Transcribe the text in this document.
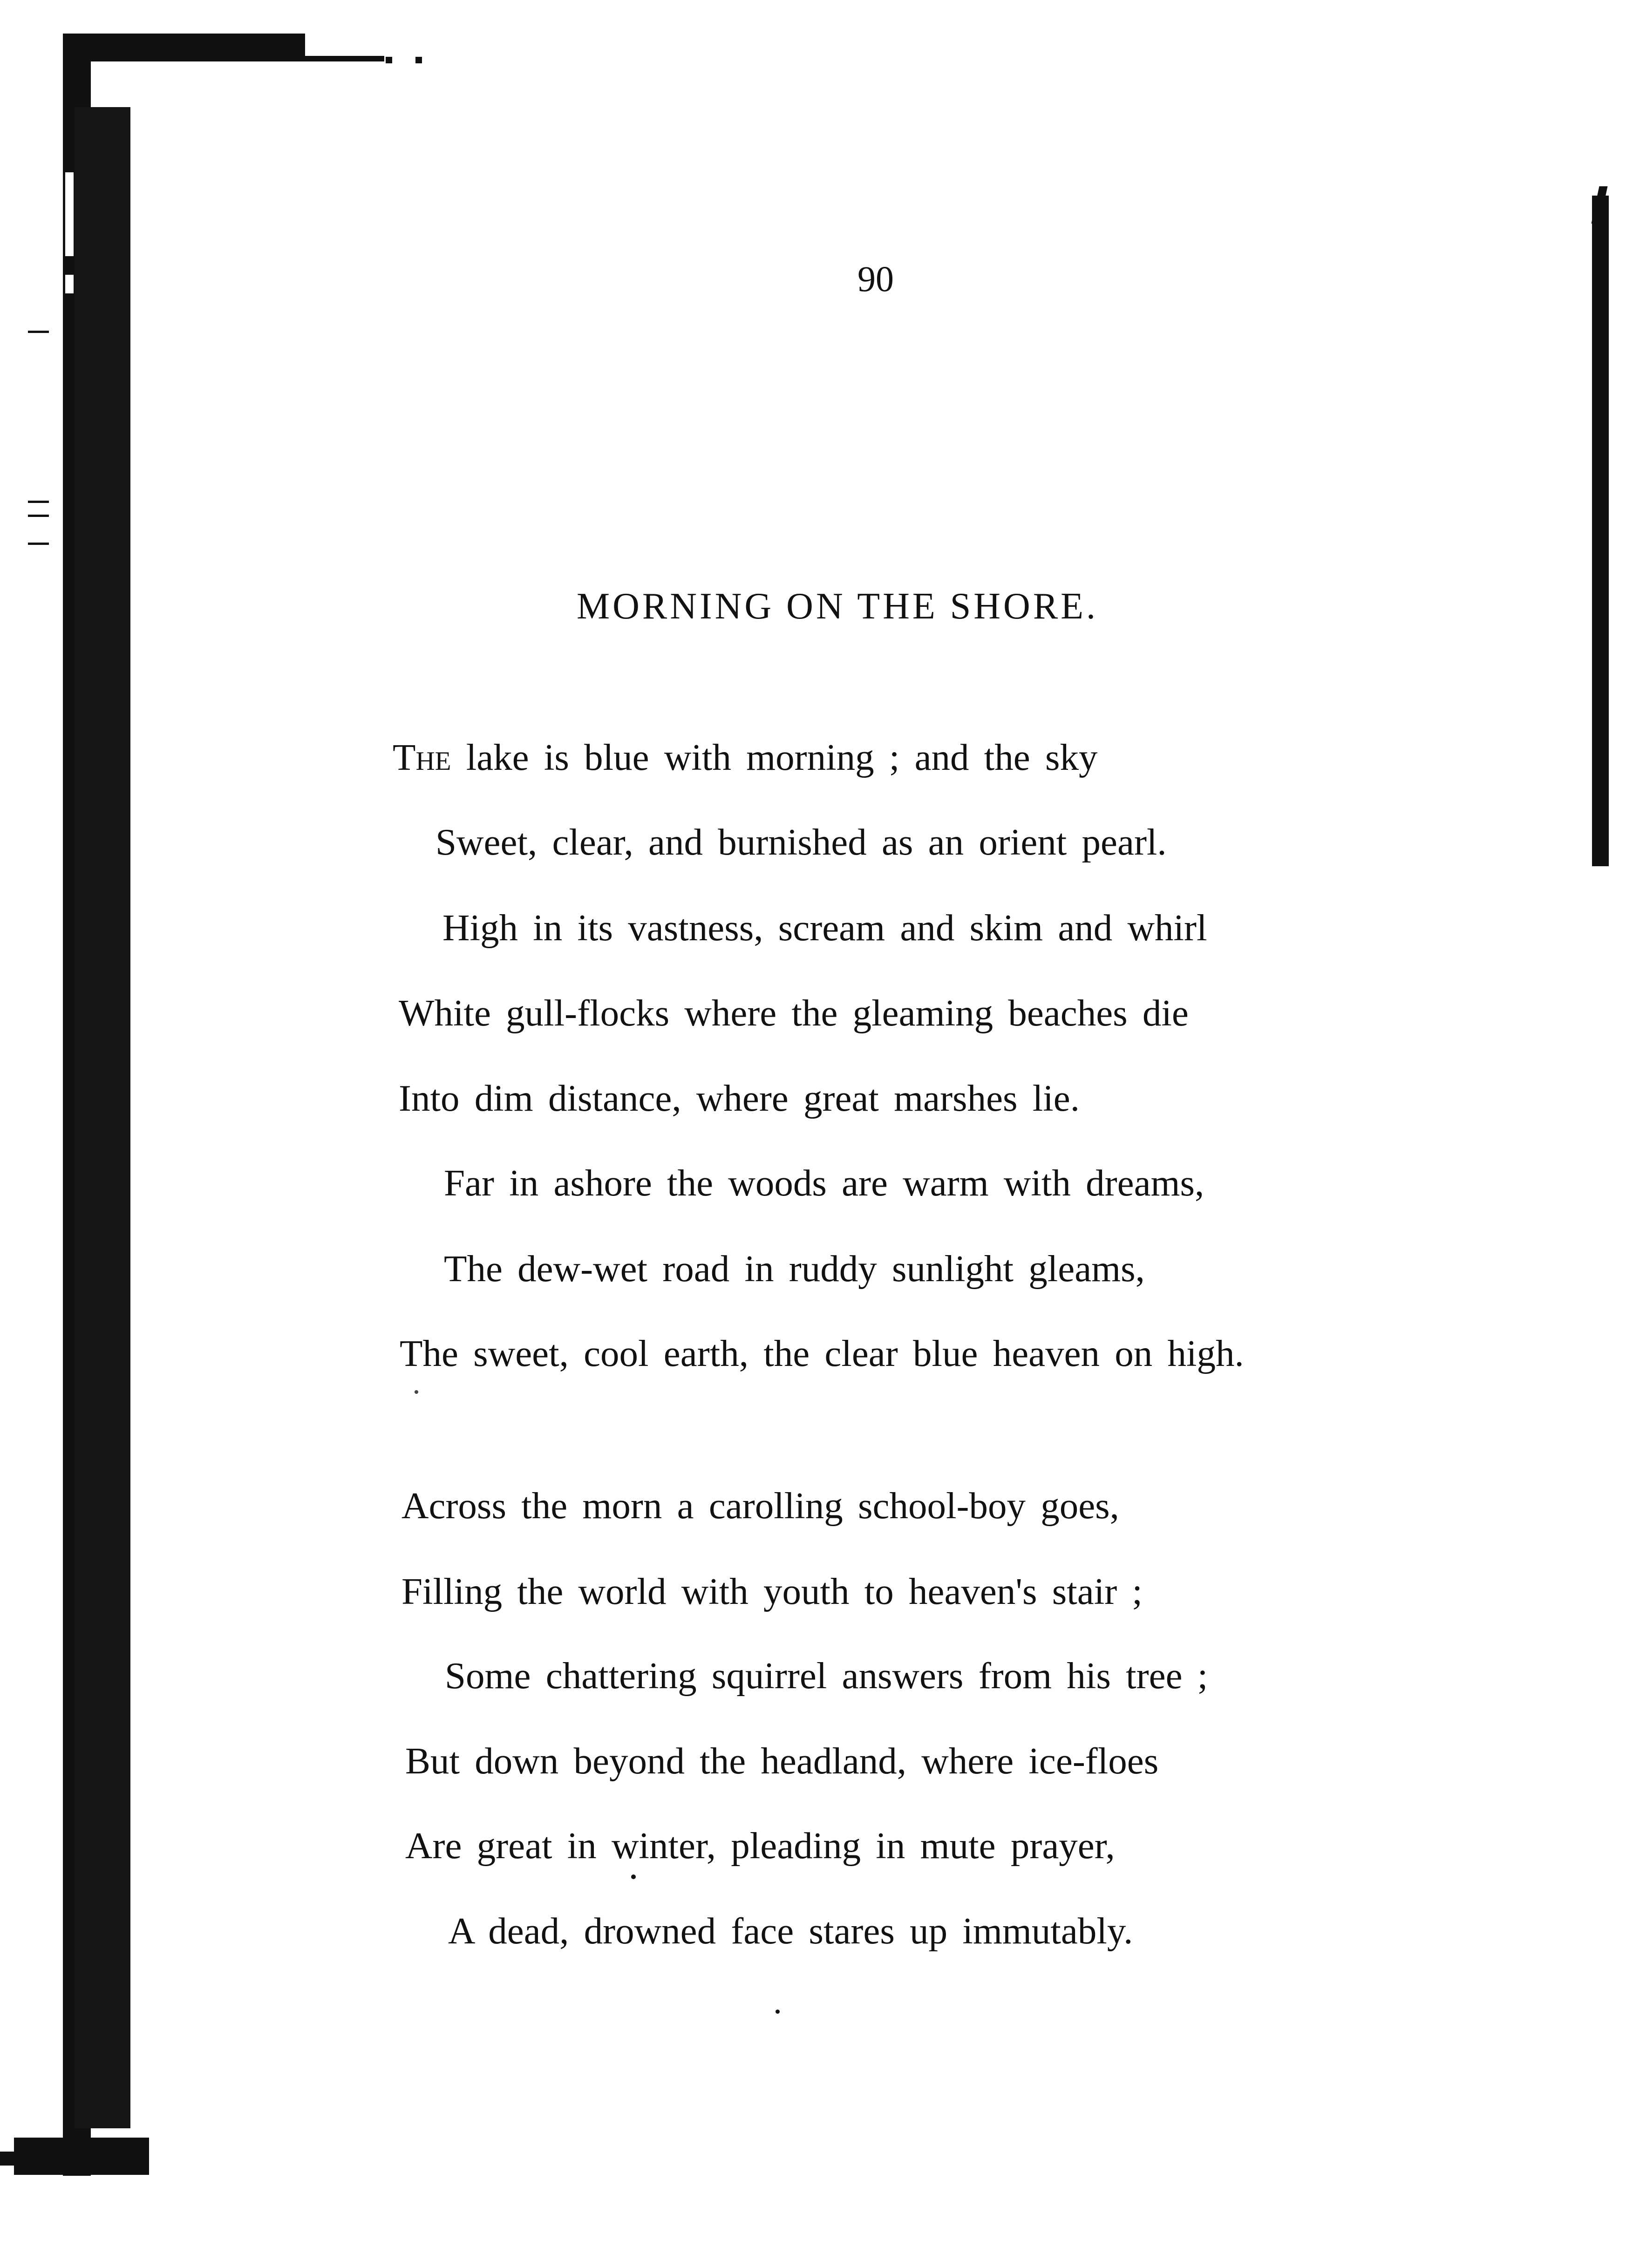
90
MORNING ON THE SHORE.
The lake is blue with morning ; and the sky
Sweet, clear, and burnished as an orient pearl.
High in its vastness, scream and skim and whirl
White gull-flocks where the gleaming beaches die
Into dim distance, where great marshes lie.
Far in ashore the woods are warm with dreams,
The dew-wet road in ruddy sunlight gleams,
The sweet, cool earth, the clear blue heaven on high.
Across the morn a carolling school-boy goes,
Filling the world with youth to heaven's stair ;
Some chattering squirrel answers from his tree ;
But down beyond the headland, where ice-floes
Are great in winter, pleading in mute prayer,
A dead, drowned face stares up immutably.
